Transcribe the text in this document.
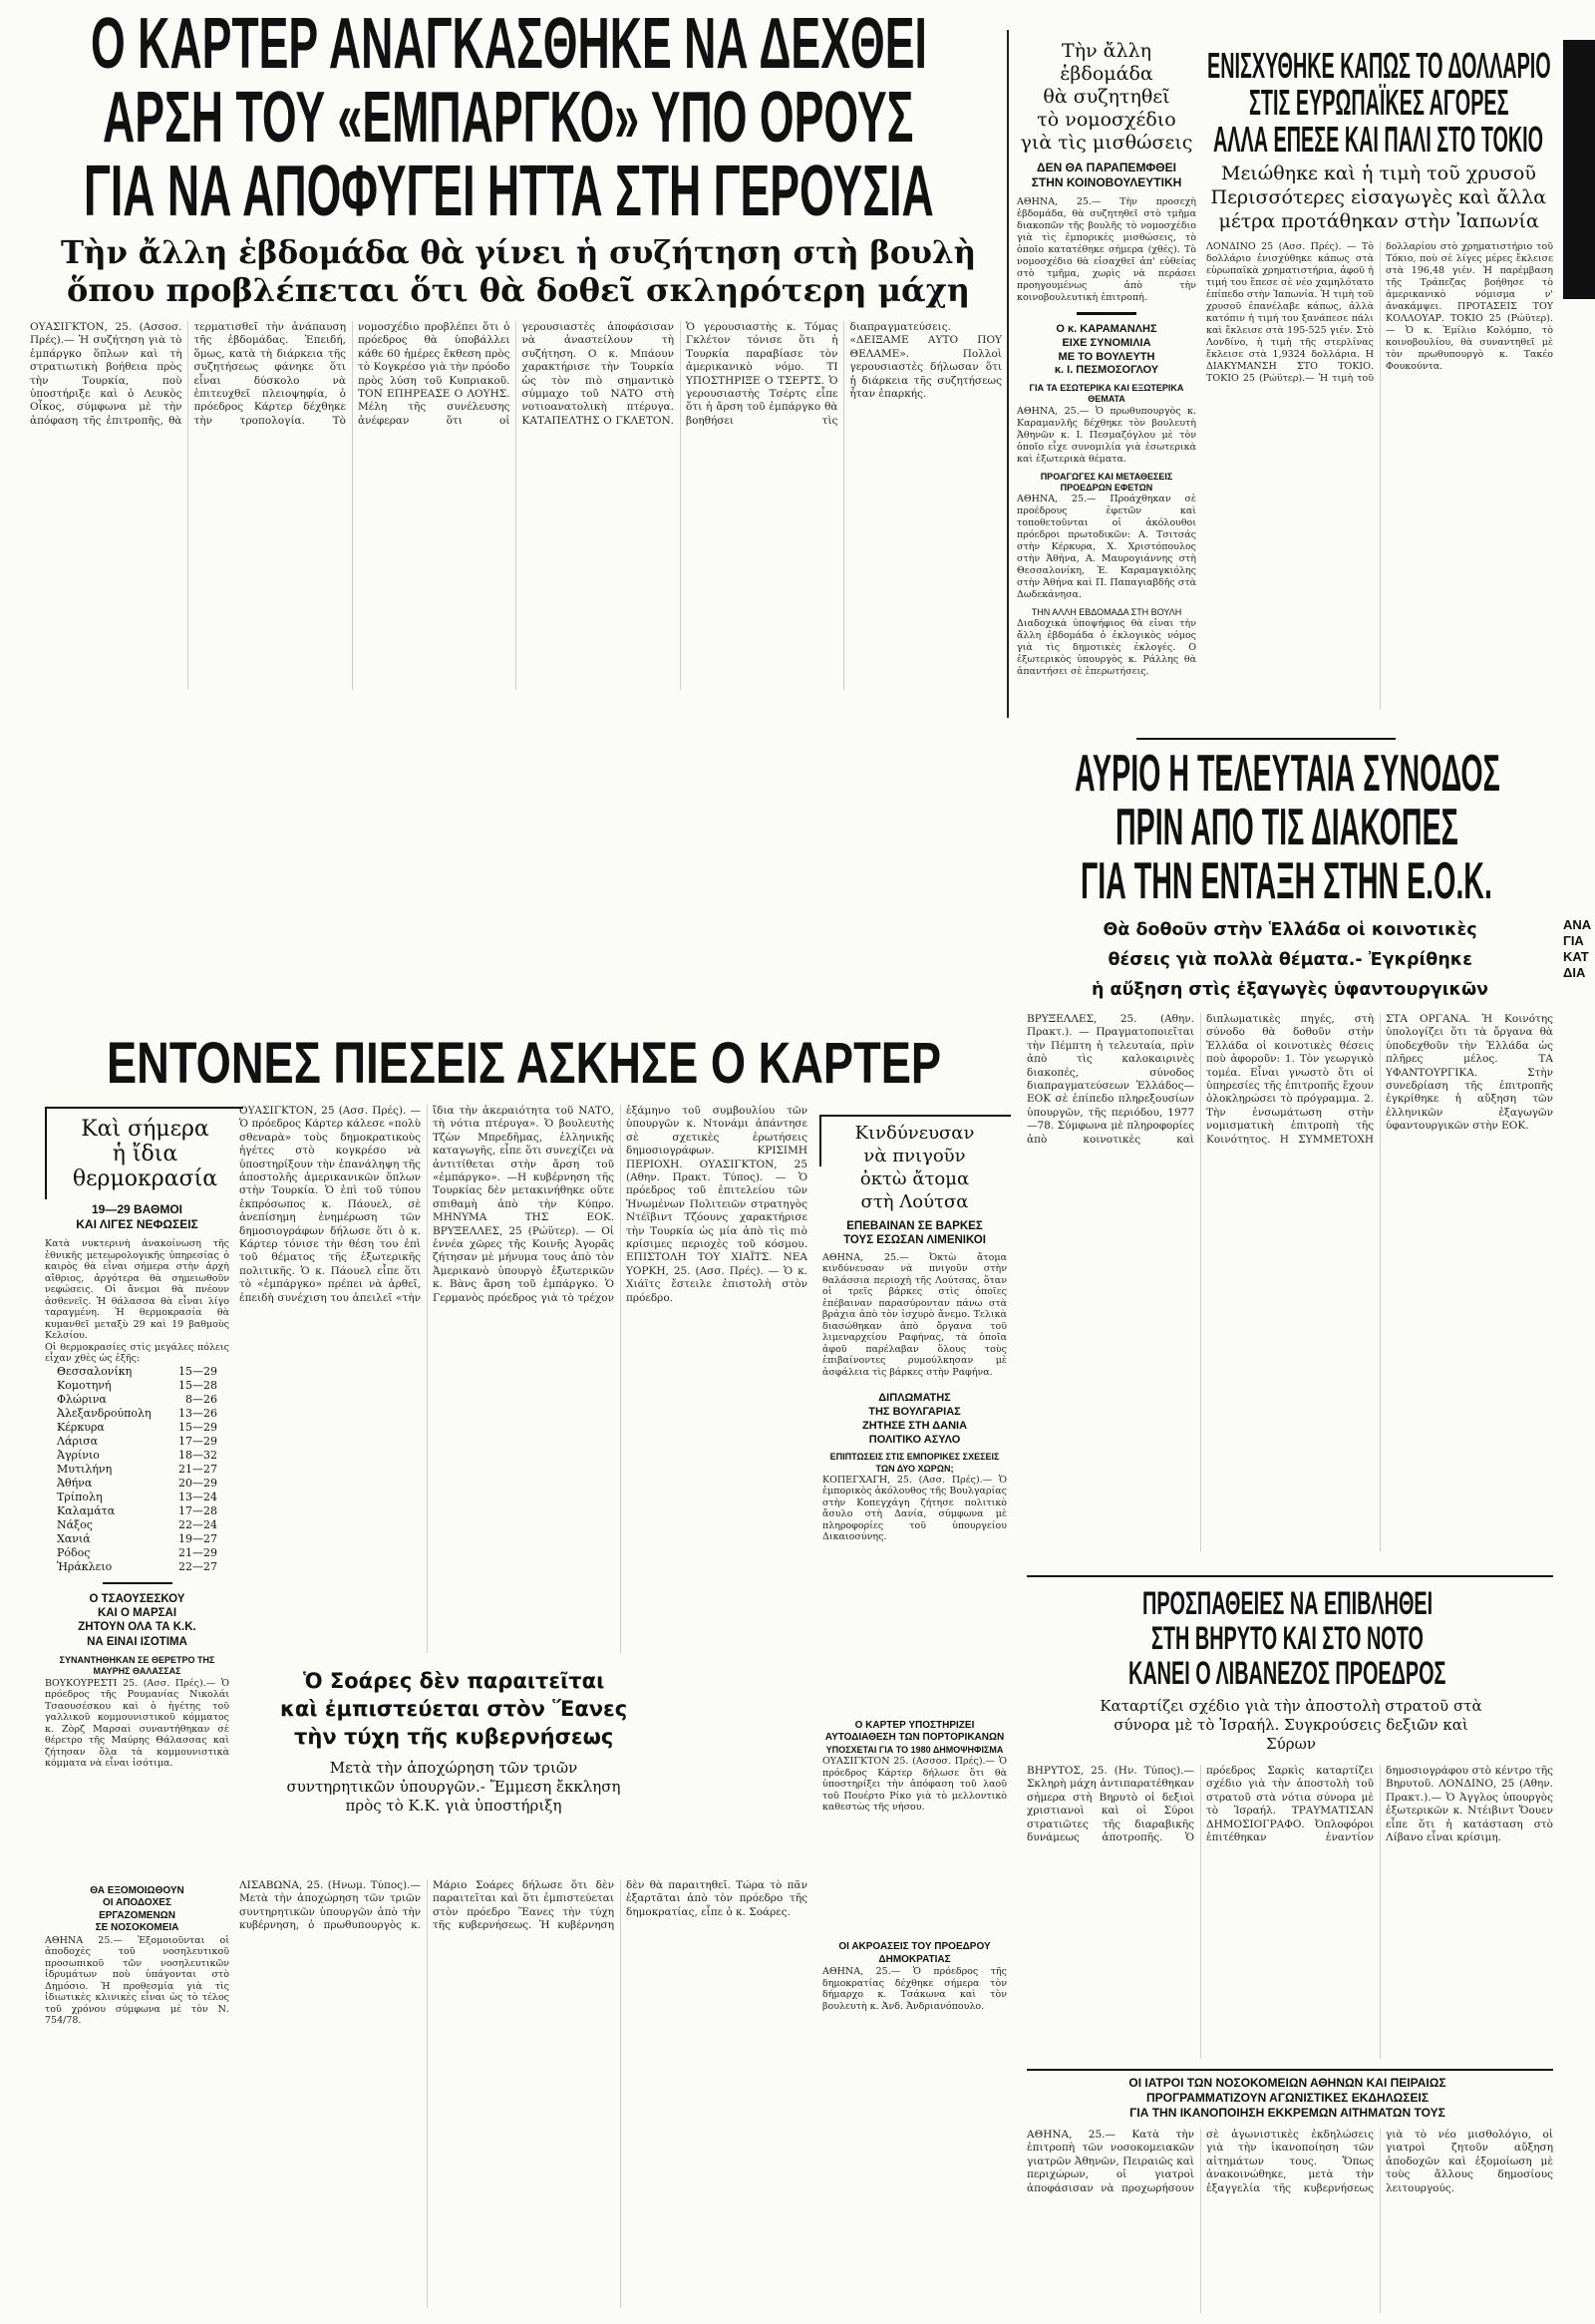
Ο ΚΑΡΤΕΡ ΑΝΑΓΚΑΣΘΗΚΕ ΝΑ ΔΕΧΘΕΙ
ΑΡΣΗ ΤΟΥ «ΕΜΠΑΡΓΚΟ» ΥΠΟ ΟΡΟΥΣ
ΓΙΑ ΝΑ ΑΠΟΦΥΓΕΙ ΗΤΤΑ ΣΤΗ ΓΕΡΟΥΣΙΑ
Τὴν ἄλλη ἑβδομάδα θὰ γίνει ἡ συζήτηση στὴ βουλὴ
ὅπου προβλέπεται ὅτι θὰ δοθεῖ σκληρότερη μάχη
ΟΥΑΣΙΓΚΤΟΝ, 25. (Ασσοσ. Πρές).— Ἡ συζήτηση γιὰ τὸ ἐμπάργκο ὅπλων καὶ τὴ στρατιωτικὴ βοήθεια πρὸς τὴν Τουρκία, ποὺ ὑποστήριξε καὶ ὁ Λευκὸς Οἶκος, σύμφωνα μὲ τὴν ἀπόφαση τῆς ἐπιτροπῆς, θὰ τερματισθεῖ τὴν ἀνάπαυση τῆς ἑβδομάδας. Ἐπειδή, ὅμως, κατὰ τὴ διάρκεια τῆς συζητήσεως φάνηκε ὅτι εἶναι δύσκολο νὰ ἐπιτευχθεῖ πλειοψηφία, ὁ πρόεδρος Κάρτερ δέχθηκε τὴν τροπολογία. Τὸ νομοσχέδιο προβλέπει ὅτι ὁ πρόεδρος θὰ ὑποβάλλει κάθε 60 ἡμέρες ἔκθεση πρὸς τὸ Κογκρέσο γιὰ τὴν πρόοδο πρὸς λύση τοῦ Κυπριακοῦ. ΤΟΝ ΕΠΗΡΕΑΣΕ Ο ΛΟΥΗΣ. Μέλη τῆς συνέλευσης ἀνέφεραν ὅτι οἱ γερουσιαστὲς ἀποφάσισαν νὰ ἀναστείλουν τὴ συζήτηση. Ο κ. Μπάουν χαρακτήρισε τὴν Τουρκία ὡς τὸν πιὸ σημαντικὸ σύμμαχο τοῦ ΝΑΤΟ στὴ νοτιοανατολικὴ πτέρυγα. ΚΑΤΑΠΕΛΤΗΣ Ο ΓΚΛΕΤΟΝ. Ὁ γερουσιαστὴς κ. Τόμας Γκλέτον τόνισε ὅτι ἡ Τουρκία παραβίασε τὸν ἀμερικανικὸ νόμο. ΤΙ ΥΠΟΣΤΗΡΙΞΕ Ο ΤΣΕΡΤΣ. Ὁ γερουσιαστὴς Τσέρτς εἶπε ὅτι ἡ ἄρση τοῦ ἐμπάργκο θὰ βοηθήσει τὶς διαπραγματεύσεις. «ΔΕΙΞΑΜΕ ΑΥΤΟ ΠΟΥ ΘΕΛΑΜΕ». Πολλοὶ γερουσιαστὲς δήλωσαν ὅτι ἡ διάρκεια τῆς συζητήσεως ἦταν ἐπαρκής.
Τὴν ἄλλη ἑβδομάδα
θὰ συζητηθεῖ
τὸ νομοσχέδιο
γιὰ τὶς μισθώσεις
ΔΕΝ ΘΑ ΠΑΡΑΠΕΜΦΘΕΙ
ΣΤΗΝ ΚΟΙΝΟΒΟΥΛΕΥΤΙΚΗ
ΑΘΗΝΑ, 25.— Τὴν προσεχὴ ἑβδομάδα, θὰ συζητηθεῖ στὸ τμῆμα διακοπῶν τῆς βουλῆς τὸ νομοσχέδιο γιὰ τὶς ἐμπορικὲς μισθώσεις, τὸ ὁποῖο κατατέθηκε σήμερα (χθές). Τὸ νομοσχέδιο θὰ εἰσαχθεῖ ἀπ' εὐθείας στὸ τμῆμα, χωρὶς νὰ περάσει προηγουμένως ἀπὸ τὴν κοινοβουλευτικὴ ἐπιτροπή.
Ο κ. ΚΑΡΑΜΑΝΛΗΣ
ΕΙΧΕ ΣΥΝΟΜΙΛΙΑ
ΜΕ ΤΟ ΒΟΥΛΕΥΤΗ
κ. Ι. ΠΕΣΜΟΣΟΓΛΟΥ
ΓΙΑ ΤΑ ΕΣΩΤΕΡΙΚΑ ΚΑΙ ΕΞΩΤΕΡΙΚΑ ΘΕΜΑΤΑ
ΑΘΗΝΑ, 25.— Ὁ πρωθυπουργὸς κ. Καραμανλῆς δέχθηκε τὸν βουλευτὴ Ἀθηνῶν κ. Ι. Πεσμαζόγλου μὲ τὸν ὁποῖο εἶχε συνομιλία γιὰ ἐσωτερικὰ καὶ ἐξωτερικὰ θέματα.
ΠΡΟΑΓΩΓΕΣ ΚΑΙ ΜΕΤΑΘΕΣΕΙΣ ΠΡΟΕΔΡΩΝ ΕΦΕΤΩΝ
ΑΘΗΝΑ, 25.— Προάχθηκαν σὲ προέδρους ἐφετῶν καὶ τοποθετοῦνται οἱ ἀκόλουθοι πρόεδροι πρωτοδικῶν: Α. Τσιτσάς στὴν Κέρκυρα, Χ. Χριστόπουλος στὴν Ἀθήνα, Α. Μαυρογιάννης στὴ Θεσσαλονίκη, Ἐ. Καραμαγκιόλης στὴν Ἀθήνα καὶ Π. Παπαγιαβδῆς στὰ Δωδεκάνησα.
ΤΗΝ ΑΛΛΗ ΕΒΔΟΜΑΔΑ ΣΤΗ ΒΟΥΛΗ
Διαδοχικὰ ὑποψήφιος θὰ εἶναι τὴν ἄλλη ἑβδομάδα ὁ ἐκλογικὸς νόμος γιὰ τὶς δημοτικὲς ἐκλογές. Ο ἐξωτερικὸς ὑπουργὸς κ. Ράλλης θὰ ἀπαντήσει σὲ ἐπερωτήσεις.
ΕΝΙΣΧΥΘΗΚΕ ΚΑΠΩΣ ΤΟ ΔΟΛΛΑΡΙΟ
ΣΤΙΣ ΕΥΡΩΠΑΪΚΕΣ ΑΓΟΡΕΣ
ΑΛΛΑ ΕΠΕΣΕ ΚΑΙ ΠΑΛΙ ΣΤΟ ΤΟΚΙΟ
Μειώθηκε καὶ ἡ τιμὴ τοῦ χρυσοῦ
Περισσότερες εἰσαγωγὲς καὶ ἄλλα
μέτρα προτάθηκαν στὴν Ἰαπωνία
ΛΟΝΔΙΝΟ 25 (Ασσ. Πρές). — Τὸ δολλάριο ἐνισχύθηκε κάπως στὰ εὐρωπαϊκὰ χρηματιστήρια, ἀφοῦ ἡ τιμή του ἔπεσε σὲ νέο χαμηλότατο ἐπίπεδο στὴν Ἰαπωνία. Ἡ τιμὴ τοῦ χρυσοῦ ἐπανέλαβε κάπως, ἀλλὰ κατόπιν ἡ τιμή του ξανάπεσε πάλι καὶ ἔκλεισε στὰ 195-525 γιέν. Στὸ Λονδίνο, ἡ τιμὴ τῆς στερλίνας ἔκλεισε στὰ 1,9324 δολλάρια. Η ΔΙΑΚΥΜΑΝΣΗ ΣΤΟ ΤΟΚΙΟ. ΤΟΚΙΟ 25 (Ρώϋτερ).— Ἡ τιμὴ τοῦ δολλαρίου στὸ χρηματιστήριο τοῦ Τόκιο, ποὺ σὲ λίγες μέρες ἔκλεισε στὰ 196,48 γιέν. Ἡ παρέμβαση τῆς Τράπεζας βοήθησε τὸ ἀμερικανικὸ νόμισμα ν' ἀνακάμψει. ΠΡΟΤΑΣΕΙΣ ΤΟΥ ΚΟΛΛΟΥΑΡ. ΤΟΚΙΟ 25 (Ρώϋτερ).— Ὁ κ. Ἐμίλιο Κολόμπο, τὸ κοινοβουλίου, θὰ συναντηθεῖ μὲ τὸν πρωθυπουργὸ κ. Τακέο Φουκούντα.
ΑΥΡΙΟ Η ΤΕΛΕΥΤΑΙΑ ΣΥΝΟΔΟΣ
ΠΡΙΝ ΑΠΟ ΤΙΣ ΔΙΑΚΟΠΕΣ
ΓΙΑ ΤΗΝ ΕΝΤΑΞΗ ΣΤΗΝ Ε.Ο.Κ.
Θὰ δοθοῦν στὴν Ἑλλάδα οἱ κοινοτικὲς
θέσεις γιὰ πολλὰ θέματα.- Ἐγκρίθηκε
ἡ αὔξηση στὶς ἐξαγωγὲς ὑφαντουργικῶν
ΒΡΥΞΕΛΛΕΣ, 25. (Αθην. Πρακτ.). — Πραγματοποιεῖται τὴν Πέμπτη ἡ τελευταία, πρὶν ἀπὸ τὶς καλοκαιρινὲς διακοπές, σύνοδος διαπραγματεύσεων Ἑλλάδος—ΕΟΚ σὲ ἐπίπεδο πληρεξουσίων ὑπουργῶν, τῆς περιόδου, 1977—78. Σύμφωνα μὲ πληροφορίες ἀπὸ κοινοτικὲς καὶ διπλωματικὲς πηγές, στὴ σύνοδο θὰ δοθοῦν στὴν Ἑλλάδα οἱ κοινοτικὲς θέσεις ποὺ ἀφοροῦν: 1. Τὸν γεωργικὸ τομέα. Εἶναι γνωστὸ ὅτι οἱ ὑπηρεσίες τῆς ἐπιτροπῆς ἔχουν ὁλοκληρώσει τὸ πρόγραμμα. 2. Τὴν ἐνσωμάτωση στὴν νομισματικὴ ἐπιτροπὴ τῆς Κοινότητος. Η ΣΥΜΜΕΤΟΧΗ ΣΤΑ ΟΡΓΑΝΑ. Ἡ Κοινότης ὑπολογίζει ὅτι τὰ ὄργανα θὰ ὑποδεχθοῦν τὴν Ἑλλάδα ὡς πλῆρες μέλος. ΤΑ ΥΦΑΝΤΟΥΡΓΙΚΑ. Στὴν συνεδρίαση τῆς ἐπιτροπῆς ἐγκρίθηκε ἡ αὔξηση τῶν ἑλληνικῶν ἐξαγωγῶν ὑφαντουργικῶν στὴν ΕΟΚ.
ΕΝΤΟΝΕΣ ΠΙΕΣΕΙΣ ΑΣΚΗΣΕ Ο ΚΑΡΤΕΡ
Καὶ σήμερα
ἡ ἴδια
θερμοκρασία
19—29 ΒΑΘΜΟΙ
ΚΑΙ ΛΙΓΕΣ ΝΕΦΩΣΕΙΣ
Κατὰ νυκτερινὴ ἀνακοίνωση τῆς ἐθνικῆς μετεωρολογικῆς ὑπηρεσίας ὁ καιρὸς θὰ εἶναι σήμερα στὴν ἀρχὴ αἴθριος, ἀργότερα θὰ σημειωθοῦν νεφώσεις. Οἱ ἄνεμοι θὰ πνέουν ἀσθενεῖς. Ἡ θάλασσα θὰ εἶναι λίγο ταραγμένη. Ἡ θερμοκρασία θὰ κυμανθεῖ μεταξὺ 29 καὶ 19 βαθμοὺς Κελσίου.
Οἱ θερμοκρασίες στὶς μεγάλες πόλεις εἶχαν χθὲς ὡς ἑξῆς:
Θεσσαλονίκη	15—29
Κομοτηνή	15—28
Φλώρινα	8—26
Ἀλεξανδρούπολη 13—26
Κέρκυρα	15—29
Λάρισα	17—29
Ἀγρίνιο	18—32
Μυτιλήνη	21—27
Ἀθήνα	20—29
Τρίπολη	13—24
Καλαμάτα	17—28
Νάξος	22—24
Χανιά	19—27
Ρόδος	21—29
Ἡράκλειο	22—27
Ο ΤΣΑΟΥΣΕΣΚΟΥ
ΚΑΙ Ο ΜΑΡΣΑΙ
ΖΗΤΟΥΝ ΟΛΑ ΤΑ Κ.Κ.
ΝΑ ΕΙΝΑΙ ΙΣΟΤΙΜΑ
ΣΥΝΑΝΤΗΘΗΚΑΝ ΣΕ ΘΕΡΕΤΡΟ ΤΗΣ ΜΑΥΡΗΣ ΘΑΛΑΣΣΑΣ
ΒΟΥΚΟΥΡΕΣΤΙ 25. (Ασσ. Πρές).— Ὁ πρόεδρος τῆς Ρουμανίας Νικολάι Τσαουσέσκου καὶ ὁ ἡγέτης τοῦ γαλλικοῦ κομμουνιστικοῦ κόμματος κ. Ζὸρζ Μαρσαὶ συναντήθηκαν σὲ θέρετρο τῆς Μαύρης Θάλασσας καὶ ζήτησαν ὅλα τὰ κομμουνιστικὰ κόμματα νὰ εἶναι ἰσότιμα.
ΘΑ ΕΞΟΜΟΙΩΘΟΥΝ
ΟΙ ΑΠΟΔΟΧΕΣ
ΕΡΓΑΖΟΜΕΝΩΝ
ΣΕ ΝΟΣΟΚΟΜΕΙΑ
ΑΘΗΝΑ 25.— Ἐξομοιοῦνται οἱ ἀποδοχὲς τοῦ νοσηλευτικοῦ προσωπικοῦ τῶν νοσηλευτικῶν ἱδρυμάτων ποὺ ὑπάγονται στὸ Δημόσιο. Ἡ προθεσμία γιὰ τὶς ἰδιωτικὲς κλινικὲς εἶναι ὡς τὸ τέλος τοῦ χρόνου σύμφωνα μὲ τὸν Ν. 754/78.
ΟΥΑΣΙΓΚΤΟΝ, 25 (Ασσ. Πρές). — Ὁ πρόεδρος Κάρτερ κάλεσε «πολὺ σθεναρὰ» τοὺς δημοκρατικοὺς ἡγέτες στὸ κογκρέσο νὰ ὑποστηρίξουν τὴν ἐπανάληψη τῆς ἀποστολῆς ἀμερικανικῶν ὅπλων στὴν Τουρκία. Ὁ ἐπὶ τοῦ τύπου ἐκπρόσωπος κ. Πάουελ, σὲ ἀνεπίσημη ἐνημέρωση τῶν δημοσιογράφων δήλωσε ὅτι ὁ κ. Κάρτερ τόνισε τὴν θέση του ἐπὶ τοῦ θέματος τῆς ἐξωτερικῆς πολιτικῆς. Ὁ κ. Πάουελ εἶπε ὅτι τὸ «ἐμπάργκο» πρέπει νὰ ἀρθεῖ, ἐπειδὴ συνέχιση του ἀπειλεῖ «τὴν ἴδια τὴν ἀκεραιότητα τοῦ ΝΑΤΟ, τὴ νότια πτέρυγα». Ὁ βουλευτὴς Τζὼν Μπρεδῆμας, ἑλληνικῆς καταγωγῆς, εἶπε ὅτι συνεχίζει νὰ ἀντιτίθεται στὴν ἄρση τοῦ «ἐμπάργκο». —Η κυβέρνηση τῆς Τουρκίας δὲν μετακινήθηκε οὔτε σπιθαμὴ ἀπὸ τὴν Κύπρο. ΜΗΝΥΜΑ ΤΗΣ ΕΟΚ. ΒΡΥΞΕΛΛΕΣ, 25 (Ρώϋτερ). — Οἱ ἐννέα χῶρες τῆς Κοινῆς Ἀγορᾶς ζήτησαν μὲ μήνυμα τους ἀπὸ τὸν Ἀμερικανὸ ὑπουργὸ ἐξωτερικῶν κ. Βὰνς ἄρση τοῦ ἐμπάργκο. Ὁ Γερμανὸς πρόεδρος γιὰ τὸ τρέχον ἑξάμηνο τοῦ συμβουλίου τῶν ὑπουργῶν κ. Ντονάμι ἀπάντησε σὲ σχετικὲς ἐρωτήσεις δημοσιογράφων. ΚΡΙΣΙΜΗ ΠΕΡΙΟΧΗ. ΟΥΑΣΙΓΚΤΟΝ, 25 (Αθην. Πρακτ. Τύπος). — Ὁ πρόεδρος τοῦ ἐπιτελείου τῶν Ἡνωμένων Πολιτειῶν στρατηγὸς Ντέϊβιντ Τζόουνς χαρακτήρισε τὴν Τουρκία ὡς μία ἀπὸ τὶς πιὸ κρίσιμες περιοχὲς τοῦ κόσμου. ΕΠΙΣΤΟΛΗ ΤΟΥ ΧΙΑΪΤΣ. ΝΕΑ ΥΟΡΚΗ, 25. (Ασσ. Πρές). — Ὁ κ. Χιάϊτς ἔστειλε ἐπιστολὴ στὸν πρόεδρο.
Ὁ Σοάρες δὲν παραιτεῖται
καὶ ἐμπιστεύεται στὸν Ἕανες
τὴν τύχη τῆς κυβερνήσεως
Μετὰ τὴν ἀποχώρηση τῶν τριῶν συντηρητικῶν ὑπουργῶν.- Ἔμμεση ἔκκληση πρὸς τὸ Κ.Κ. γιὰ ὑποστήριξη
ΛΙΣΑΒΩΝΑ, 25. (Ηνωμ. Τύπος).— Μετὰ τὴν ἀποχώρηση τῶν τριῶν συντηρητικῶν ὑπουργῶν ἀπὸ τὴν κυβέρνηση, ὁ πρωθυπουργὸς κ. Μάριο Σοάρες δήλωσε ὅτι δὲν παραιτεῖται καὶ ὅτι ἐμπιστεύεται στὸν πρόεδρο Ἕανες τὴν τύχη τῆς κυβερνήσεως. Ἡ κυβέρνηση δὲν θὰ παραιτηθεῖ. Τώρα τὸ πᾶν ἐξαρτᾶται ἀπὸ τὸν πρόεδρο τῆς δημοκρατίας, εἶπε ὁ κ. Σοάρες.
Κινδύνευσαν
νὰ πνιγοῦν
ὀκτὼ ἄτομα
στὴ Λούτσα
ΕΠΕΒΑΙΝΑΝ ΣΕ ΒΑΡΚΕΣ
ΤΟΥΣ ΕΣΩΣΑΝ ΛΙΜΕΝΙΚΟΙ
ΑΘΗΝΑ, 25.— Ὀκτὼ ἄτομα κινδύνευσαν νὰ πνιγοῦν στὴν θαλάσσια περιοχὴ τῆς Λούτσας, ὅταν οἱ τρεῖς βάρκες στὶς ὁποῖες ἐπέβαιναν παρασύρονταν πάνω στὰ βράχια ἀπὸ τὸν ἰσχυρὸ ἄνεμο. Τελικὰ διασώθηκαν ἀπὸ ὄργανα τοῦ λιμεναρχείου Ραφήνας, τὰ ὁποῖα ἀφοῦ παρέλαβαν ὅλους τοὺς ἐπιβαίνοντες ρυμούλκησαν μὲ ἀσφάλεια τὶς βάρκες στὴν Ραφήνα.
ΔΙΠΛΩΜΑΤΗΣ
ΤΗΣ ΒΟΥΛΓΑΡΙΑΣ
ΖΗΤΗΣΕ ΣΤΗ ΔΑΝΙΑ
ΠΟΛΙΤΙΚΟ ΑΣΥΛΟ
ΕΠΙΠΤΩΣΕΙΣ ΣΤΙΣ ΕΜΠΟΡΙΚΕΣ ΣΧΕΣΕΙΣ ΤΩΝ ΔΥΟ ΧΩΡΩΝ;
ΚΟΠΕΓΧΑΓΗ, 25. (Ασσ. Πρές).— Ὁ ἐμπορικὸς ἀκόλουθος τῆς Βουλγαρίας στὴν Κοπεγχάγη ζήτησε πολιτικὸ ἄσυλο στὴ Δανία, σύμφωνα μὲ πληροφορίες τοῦ ὑπουργείου Δικαιοσύνης.
Ο ΚΑΡΤΕΡ ΥΠΟΣΤΗΡΙΖΕΙ ΑΥΤΟΔΙΑΘΕΣΗ ΤΩΝ ΠΟΡΤΟΡΙΚΑΝΩΝ
ΥΠΟΣΧΕΤΑΙ ΓΙΑ ΤΟ 1980 ΔΗΜΟΨΗΦΙΣΜΑ
ΟΥΑΣΙΓΚΤΟΝ 25. (Ασσοσ. Πρές).— Ὁ πρόεδρος Κάρτερ δήλωσε ὅτι θὰ ὑποστηρίξει τὴν ἀπόφαση τοῦ λαοῦ τοῦ Πουέρτο Ρίκο γιὰ τὸ μελλοντικὸ καθεστὼς τῆς νήσου.
ΟΙ ΑΚΡΟΑΣΕΙΣ ΤΟΥ ΠΡΟΕΔΡΟΥ ΔΗΜΟΚΡΑΤΙΑΣ
ΑΘΗΝΑ, 25.— Ὁ πρόεδρος τῆς δημοκρατίας δέχθηκε σήμερα τὸν δήμαρχο κ. Τσάκωνα καὶ τὸν βουλευτὴ κ. Ἀνδ. Ἀνδριανόπουλο.
ΠΡΟΣΠΑΘΕΙΕΣ ΝΑ ΕΠΙΒΛΗΘΕΙ
ΣΤΗ ΒΗΡΥΤΟ ΚΑΙ ΣΤΟ ΝΟΤΟ
ΚΑΝΕΙ Ο ΛΙΒΑΝΕΖΟΣ ΠΡΟΕΔΡΟΣ
Καταρτίζει σχέδιο γιὰ τὴν ἀποστολὴ στρατοῦ στὰ σύνορα μὲ τὸ Ἰσραήλ. Συγκρούσεις δεξιῶν καὶ Σύρων
ΒΗΡΥΤΟΣ, 25. (Ην. Τύπος).— Σκληρὴ μάχη ἀντιπαρατέθηκαν σήμερα στὴ Βηρυτὸ οἱ δεξιοὶ χριστιανοὶ καὶ οἱ Σύροι στρατιῶτες τῆς διαραβικῆς δυνάμεως ἀποτροπῆς. Ὁ πρόεδρος Σαρκὶς καταρτίζει σχέδιο γιὰ τὴν ἀποστολὴ τοῦ στρατοῦ στὰ νότια σύνορα μὲ τὸ Ἰσραήλ. ΤΡΑΥΜΑΤΙΣΑΝ ΔΗΜΟΣΙΟΓΡΑΦΟ. Ὀπλοφόροι ἐπιτέθηκαν ἐναντίον δημοσιογράφου στὸ κέντρο τῆς Βηρυτοῦ. ΛΟΝΔΙΝΟ, 25 (Αθην. Πρακτ.).— Ὁ Ἀγγλος ὑπουργὸς ἐξωτερικῶν κ. Ντέιβιντ Ὄουεν εἶπε ὅτι ἡ κατάσταση στὸ Λίβανο εἶναι κρίσιμη.
ΟΙ ΙΑΤΡΟΙ ΤΩΝ ΝΟΣΟΚΟΜΕΙΩΝ ΑΘΗΝΩΝ ΚΑΙ ΠΕΙΡΑΙΩΣ
ΠΡΟΓΡΑΜΜΑΤΙΖΟΥΝ ΑΓΩΝΙΣΤΙΚΕΣ ΕΚΔΗΛΩΣΕΙΣ
ΓΙΑ ΤΗΝ ΙΚΑΝΟΠΟΙΗΣΗ ΕΚΚΡΕΜΩΝ ΑΙΤΗΜΑΤΩΝ ΤΟΥΣ
ΑΘΗΝΑ, 25.— Κατὰ τὴν ἐπιτροπὴ τῶν νοσοκομειακῶν γιατρῶν Ἀθηνῶν, Πειραιῶς καὶ περιχώρων, οἱ γιατροὶ ἀποφάσισαν νὰ προχωρήσουν σὲ ἀγωνιστικὲς ἐκδηλώσεις γιὰ τὴν ἱκανοποίηση τῶν αἰτημάτων τους. Ὅπως ἀνακοινώθηκε, μετὰ τὴν ἐξαγγελία τῆς κυβερνήσεως γιὰ τὸ νέο μισθολόγιο, οἱ γιατροὶ ζητοῦν αὔξηση ἀποδοχῶν καὶ ἐξομοίωση μὲ τοὺς ἄλλους δημοσίους λειτουργούς.
ΑΝΑ
ΓΙΑ
ΚΑΤ
ΔΙΑ
